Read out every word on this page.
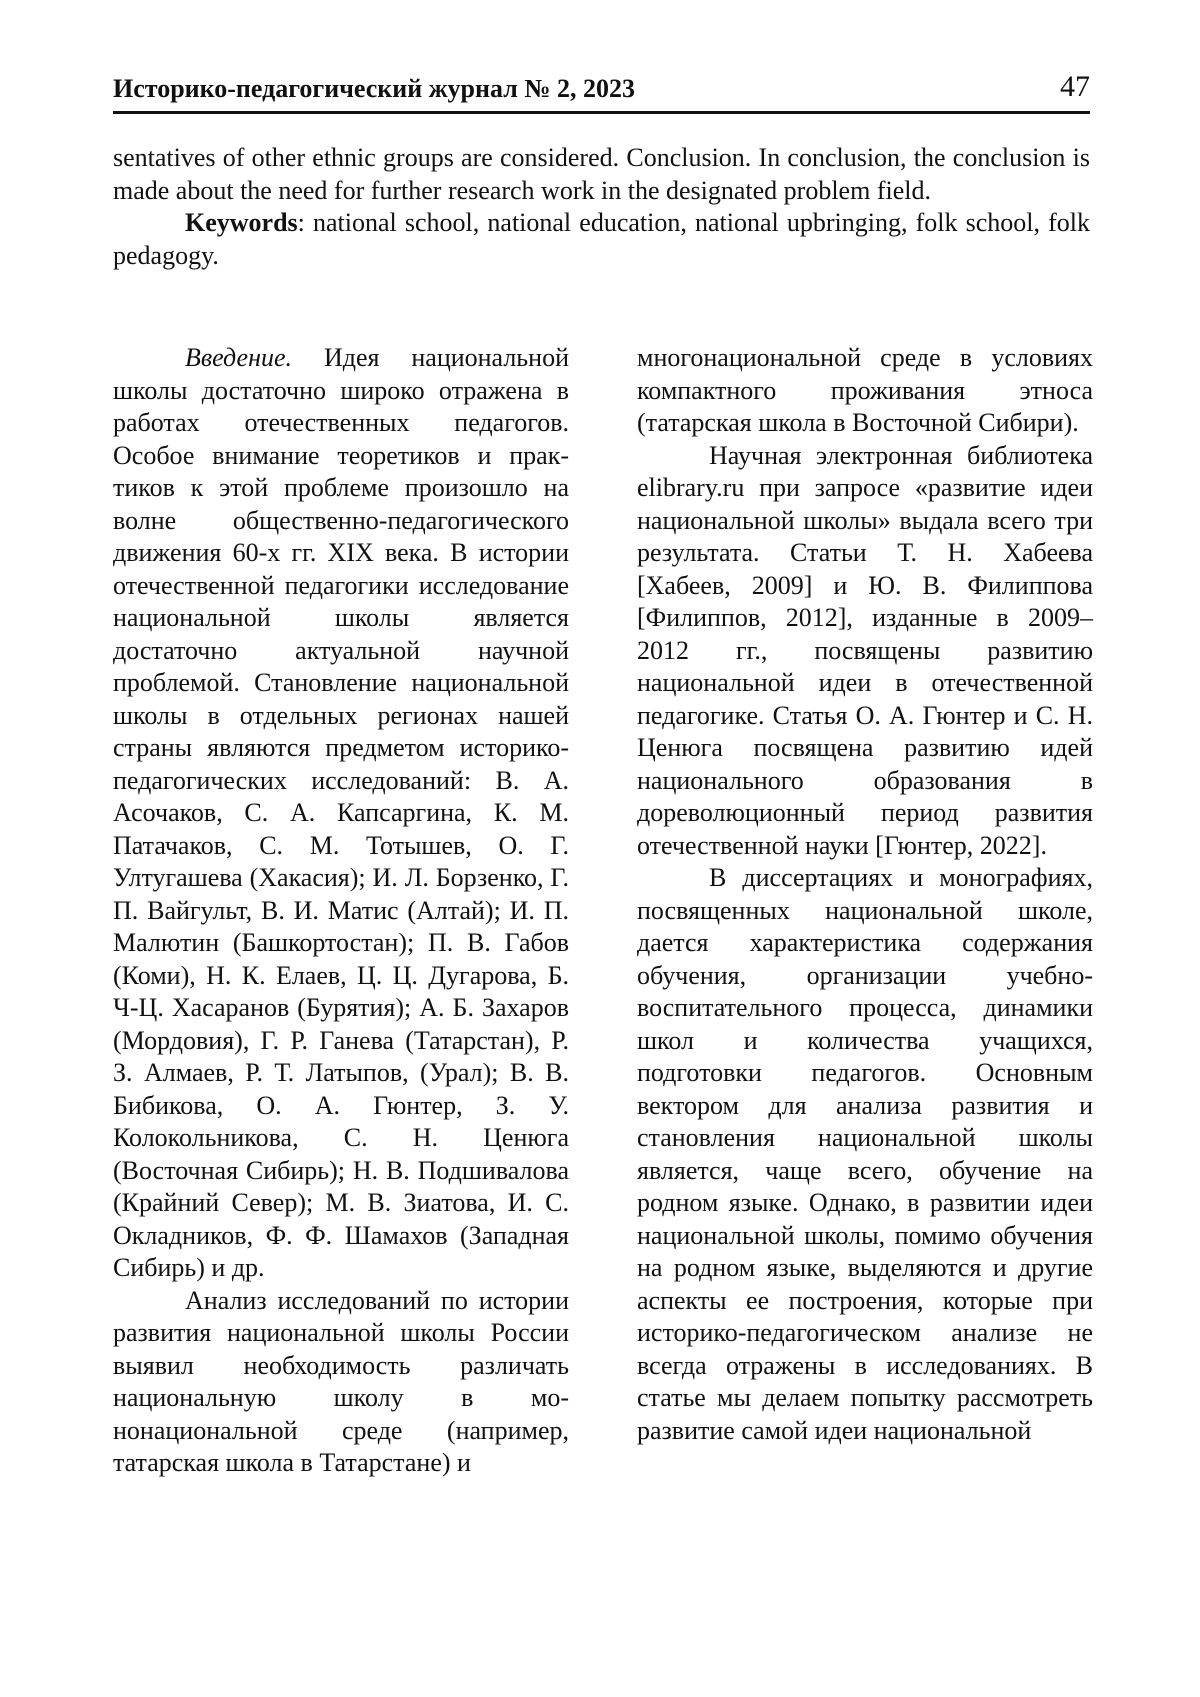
Историко-педагогический журнал № 2, 2023	47

sentatives of other ethnic groups are considered. Conclusion. In conclusion, the conclusion is made about the need for further research work in the designated problem field.

Keywords: national school, national education, national upbringing, folk school, folk pedagogy.

Введение. Идея национальной школы достаточно широко отражена в работах отечественных педагогов. Особое внимание теоретиков и практиков к этой проблеме произошло на волне общественно-педагогического движения 60-х гг. XIX века. В истории отечественной педагогики исследование национальной школы является достаточно актуальной научной проблемой. Становление национальной школы в отдельных регионах нашей страны являются предметом историко-педагогических исследований: В. А. Асочаков, С. А. Капсаргина, К. М. Патачаков, С. М. Тотышев, О. Г. Ултугашева (Хакасия); И. Л. Борзенко, Г. П. Вайгульт, В. И. Матис (Алтай); И. П. Малютин (Башкортостан); П. В. Габов (Коми), Н. К. Елаев, Ц. Ц. Дугарова, Б. Ч-Ц. Хасаранов (Бурятия); А. Б. Захаров (Мордовия), Г. Р. Ганева (Татарстан), Р. З. Алмаев, Р. Т. Латыпов, (Урал); В. В. Бибикова, О. А. Гюнтер, З. У. Колокольникова, С. Н. Ценюга (Восточная Сибирь); Н. В. Подшивалова (Крайний Север); М. В. Зиатова, И. С. Окладников, Ф. Ф. Шамахов (Западная Сибирь) и др.

Анализ исследований по истории развития национальной школы России выявил необходимость различать национальную школу в мононациональной среде (например, татарская школа в Татарстане) и

многонациональной среде в условиях компактного проживания этноса (татарская школа в Восточной Сибири).

Научная электронная библиотека elibrary.ru при запросе «развитие идеи национальной школы» выдала всего три результата. Статьи Т. Н. Хабеева [Хабеев, 2009] и Ю. В. Филиппова [Филиппов, 2012], изданные в 2009–2012 гг., посвящены развитию национальной идеи в отечественной педагогике. Статья О. А. Гюнтер и С. Н. Ценюга посвящена развитию идей национального образования в дореволюционный период развития отечественной науки [Гюнтер, 2022].

В диссертациях и монографиях, посвященных национальной школе, дается характеристика содержания обучения, организации учебно-воспитательного процесса, динамики школ и количества учащихся, подготовки педагогов. Основным вектором для анализа развития и становления национальной школы является, чаще всего, обучение на родном языке. Однако, в развитии идеи национальной школы, помимо обучения на родном языке, выделяются и другие аспекты ее построения, которые при историко-педагогическом анализе не всегда отражены в исследованиях. В статье мы делаем попытку рассмотреть развитие самой идеи национальной
